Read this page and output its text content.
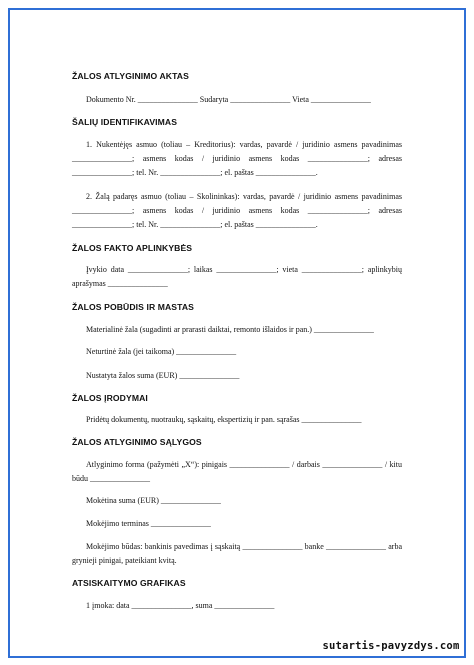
ŽALOS ATLYGINIMO AKTAS
Dokumento Nr. _______________ Sudaryta _______________ Vieta _______________
ŠALIŲ IDENTIFIKAVIMAS
1. Nukentėjęs asmuo (toliau – Kreditorius): vardas, pavardė / juridinio asmens pavadinimas _______________; asmens kodas / juridinio asmens kodas _______________; adresas _______________; tel. Nr. _______________; el. paštas _______________.
2. Žalą padaręs asmuo (toliau – Skolininkas): vardas, pavardė / juridinio asmens pavadinimas _______________; asmens kodas / juridinio asmens kodas _______________; adresas _______________; tel. Nr. _______________; el. paštas _______________.
ŽALOS FAKTO APLINKYBĖS
Įvykio data _______________; laikas _______________; vieta _______________; aplinkybių aprašymas _______________
ŽALOS POBŪDIS IR MASTAS
Materialinė žala (sugadinti ar prarasti daiktai, remonto išlaidos ir pan.) _______________
Neturtinė žala (jei taikoma) _______________
Nustatyta žalos suma (EUR) _______________
ŽALOS ĮRODYMAI
Pridėtų dokumentų, nuotraukų, sąskaitų, ekspertizių ir pan. sąrašas _______________
ŽALOS ATLYGINIMO SĄLYGOS
Atlyginimo forma (pažymėti „X“): pinigais _______________ / darbais _______________ / kitu būdu _______________
Mokėtina suma (EUR) _______________
Mokėjimo terminas _______________
Mokėjimo būdas: bankinis pavedimas į sąskaitą _______________ banke _______________ arba grynieji pinigai, pateikiant kvitą.
ATSISKAITYMO GRAFIKAS
1 įmoka: data _______________, suma _______________
sutartis-pavyzdys.com
